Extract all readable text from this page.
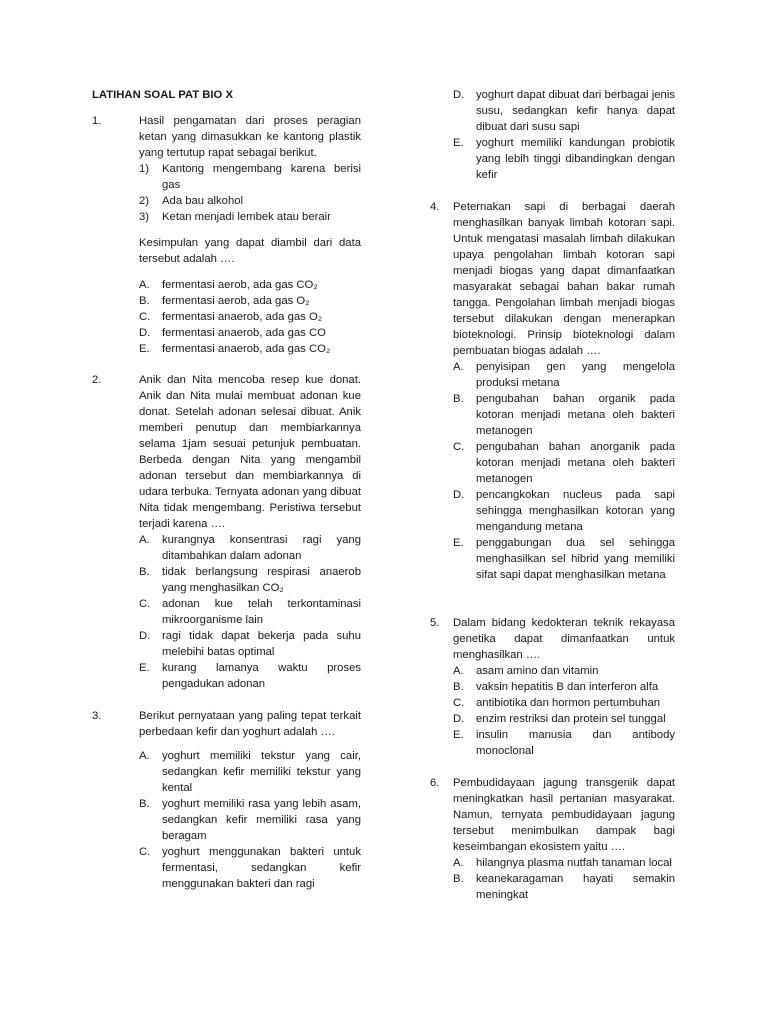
LATIHAN SOAL PAT BIO X
1.	Hasil pengamatan dari proses peragian ketan yang dimasukkan ke kantong plastik yang tertutup rapat sebagai berikut.
1)	Kantong mengembang karena berisi gas
2)	Ada bau alkohol
3)	Ketan menjadi lembek atau berair
Kesimpulan yang dapat diambil dari data tersebut adalah ….
A.	fermentasi aerob, ada gas CO₂
B.	fermentasi aerob, ada gas O₂
C.	fermentasi anaerob, ada gas O₂
D.	fermentasi anaerob, ada gas CO
E.	fermentasi anaerob, ada gas CO₂
2.	Anik dan Nita mencoba resep kue donat. Anik dan Nita mulai membuat adonan kue donat. Setelah adonan selesai dibuat. Anik memberi penutup dan membiarkannya selama 1jam sesuai petunjuk pembuatan. Berbeda dengan Nita yang mengambil adonan tersebut dan membiarkannya di udara terbuka. Ternyata adonan yang dibuat Nita tidak mengembang. Peristiwa tersebut terjadi karena ….
A.	kurangnya konsentrasi ragi yang ditambahkan dalam adonan
B.	tidak berlangsung respirasi anaerob yang menghasilkan CO₂
C.	adonan kue telah terkontaminasi mikroorganisme lain
D.	ragi tidak dapat bekerja pada suhu melebihi batas optimal
E.	kurang lamanya waktu proses pengadukan adonan
3.	Berikut pernyataan yang paling tepat terkait perbedaan kefir dan yoghurt adalah ….
A.	yoghurt memiliki tekstur yang cair, sedangkan kefir memiliki tekstur yang kental
B.	yoghurt memiliki rasa yang lebih asam, sedangkan kefir memiliki rasa yang beragam
C.	yoghurt menggunakan bakteri untuk fermentasi, sedangkan kefir menggunakan bakteri dan ragi
D.	yoghurt dapat dibuat dari berbagai jenis susu, sedangkan kefir hanya dapat dibuat dari susu sapi
E.	yoghurt memiliki kandungan probiotik yang lebih tinggi dibandingkan dengan kefir
4.	Peternakan sapi di berbagai daerah menghasilkan banyak limbah kotoran sapi. Untuk mengatasi masalah limbah dilakukan upaya pengolahan limbah kotoran sapi menjadi biogas yang dapat dimanfaatkan masyarakat sebagai bahan bakar rumah tangga. Pengolahan limbah menjadi biogas tersebut dilakukan dengan menerapkan bioteknologi. Prinsip bioteknologi dalam pembuatan biogas adalah ….
A.	penyisipan gen yang mengelola produksi metana
B.	pengubahan bahan organik pada kotoran menjadi metana oleh bakteri metanogen
C.	pengubahan bahan anorganik pada kotoran menjadi metana oleh bakteri metanogen
D.	pencangkokan nucleus pada sapi sehingga menghasilkan kotoran yang mengandung metana
E.	penggabungan dua sel sehingga menghasilkan sel hibrid yang memiliki sifat sapi dapat menghasilkan metana
5.	Dalam bidang kedokteran teknik rekayasa genetika dapat dimanfaatkan untuk menghasilkan ….
A.	asam amino dan vitamin
B.	vaksin hepatitis B dan interferon alfa
C.	antibiotika dan hormon pertumbuhan
D.	enzim restriksi dan protein sel tunggal
E.	insulin manusia dan antibody monoclonal
6.	Pembudidayaan jagung transgenik dapat meningkatkan hasil pertanian masyarakat. Namun, ternyata pembudidayaan jagung tersebut menimbulkan dampak bagi keseimbangan ekosistem yaitu ….
A.	hilangnya plasma nutfah tanaman local
B.	keanekaragaman hayati semakin meningkat
